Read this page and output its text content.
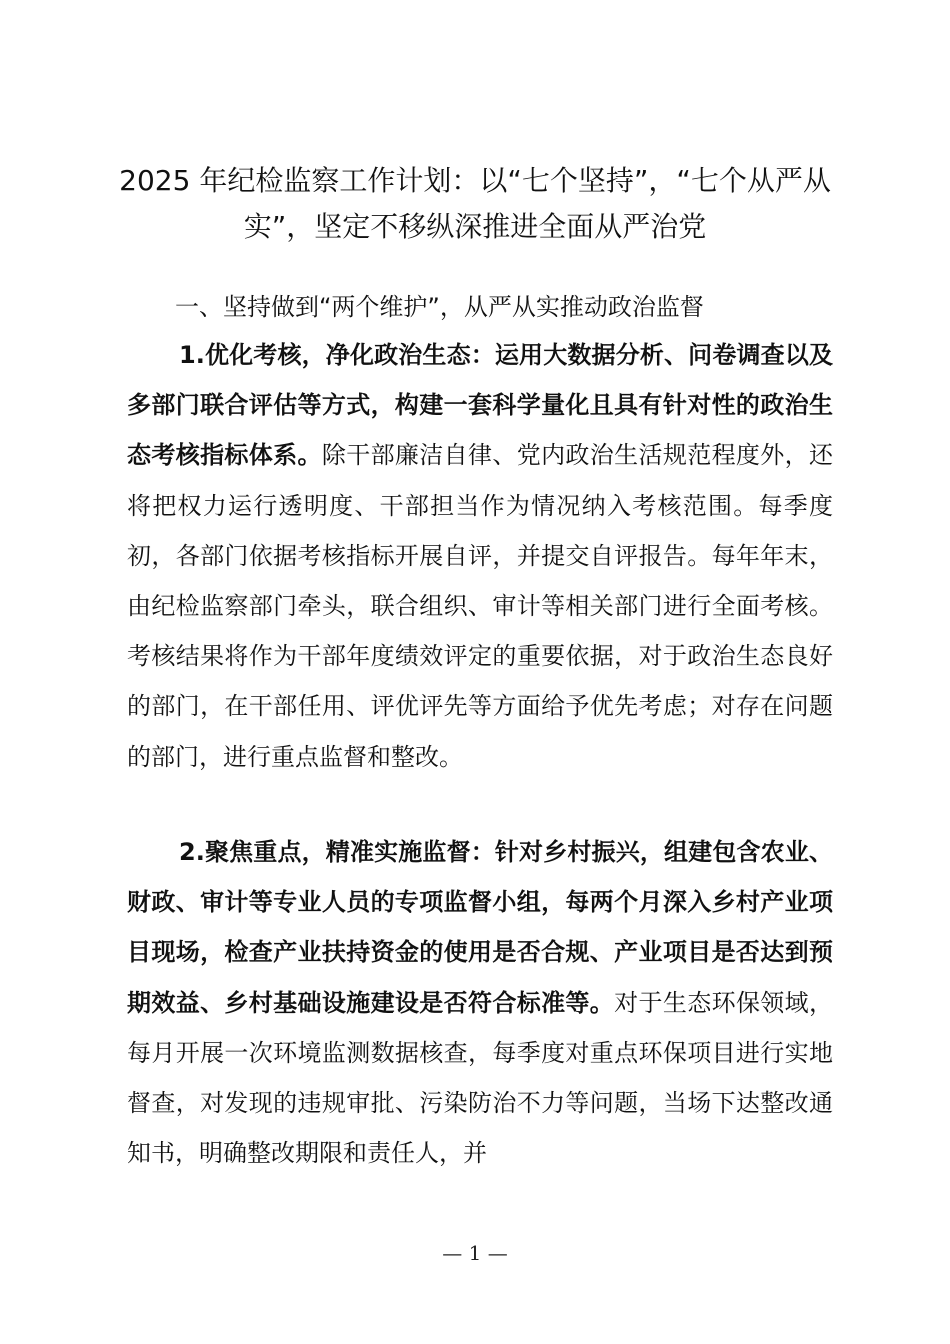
2025 年纪检监察工作计划：以“七个坚持”，“七个从严从实”，坚定不移纵深推进全面从严治党

一、坚持做到“两个维护”，从严从实推动政治监督

1.优化考核，净化政治生态：运用大数据分析、问卷调查以及多部门联合评估等方式，构建一套科学量化且具有针对性的政治生态考核指标体系。除干部廉洁自律、党内政治生活规范程度外，还将把权力运行透明度、干部担当作为情况纳入考核范围。每季度初，各部门依据考核指标开展自评，并提交自评报告。每年年末，由纪检监察部门牵头，联合组织、审计等相关部门进行全面考核。考核结果将作为干部年度绩效评定的重要依据，对于政治生态良好的部门，在干部任用、评优评先等方面给予优先考虑；对存在问题的部门，进行重点监督和整改。

2.聚焦重点，精准实施监督：针对乡村振兴，组建包含农业、财政、审计等专业人员的专项监督小组，每两个月深入乡村产业项目现场，检查产业扶持资金的使用是否合规、产业项目是否达到预期效益、乡村基础设施建设是否符合标准等。对于生态环保领域，每月开展一次环境监测数据核查，每季度对重点环保项目进行实地督查，对发现的违规审批、污染防治不力等问题，当场下达整改通知书，明确整改期限和责任人，并

— 1 —
